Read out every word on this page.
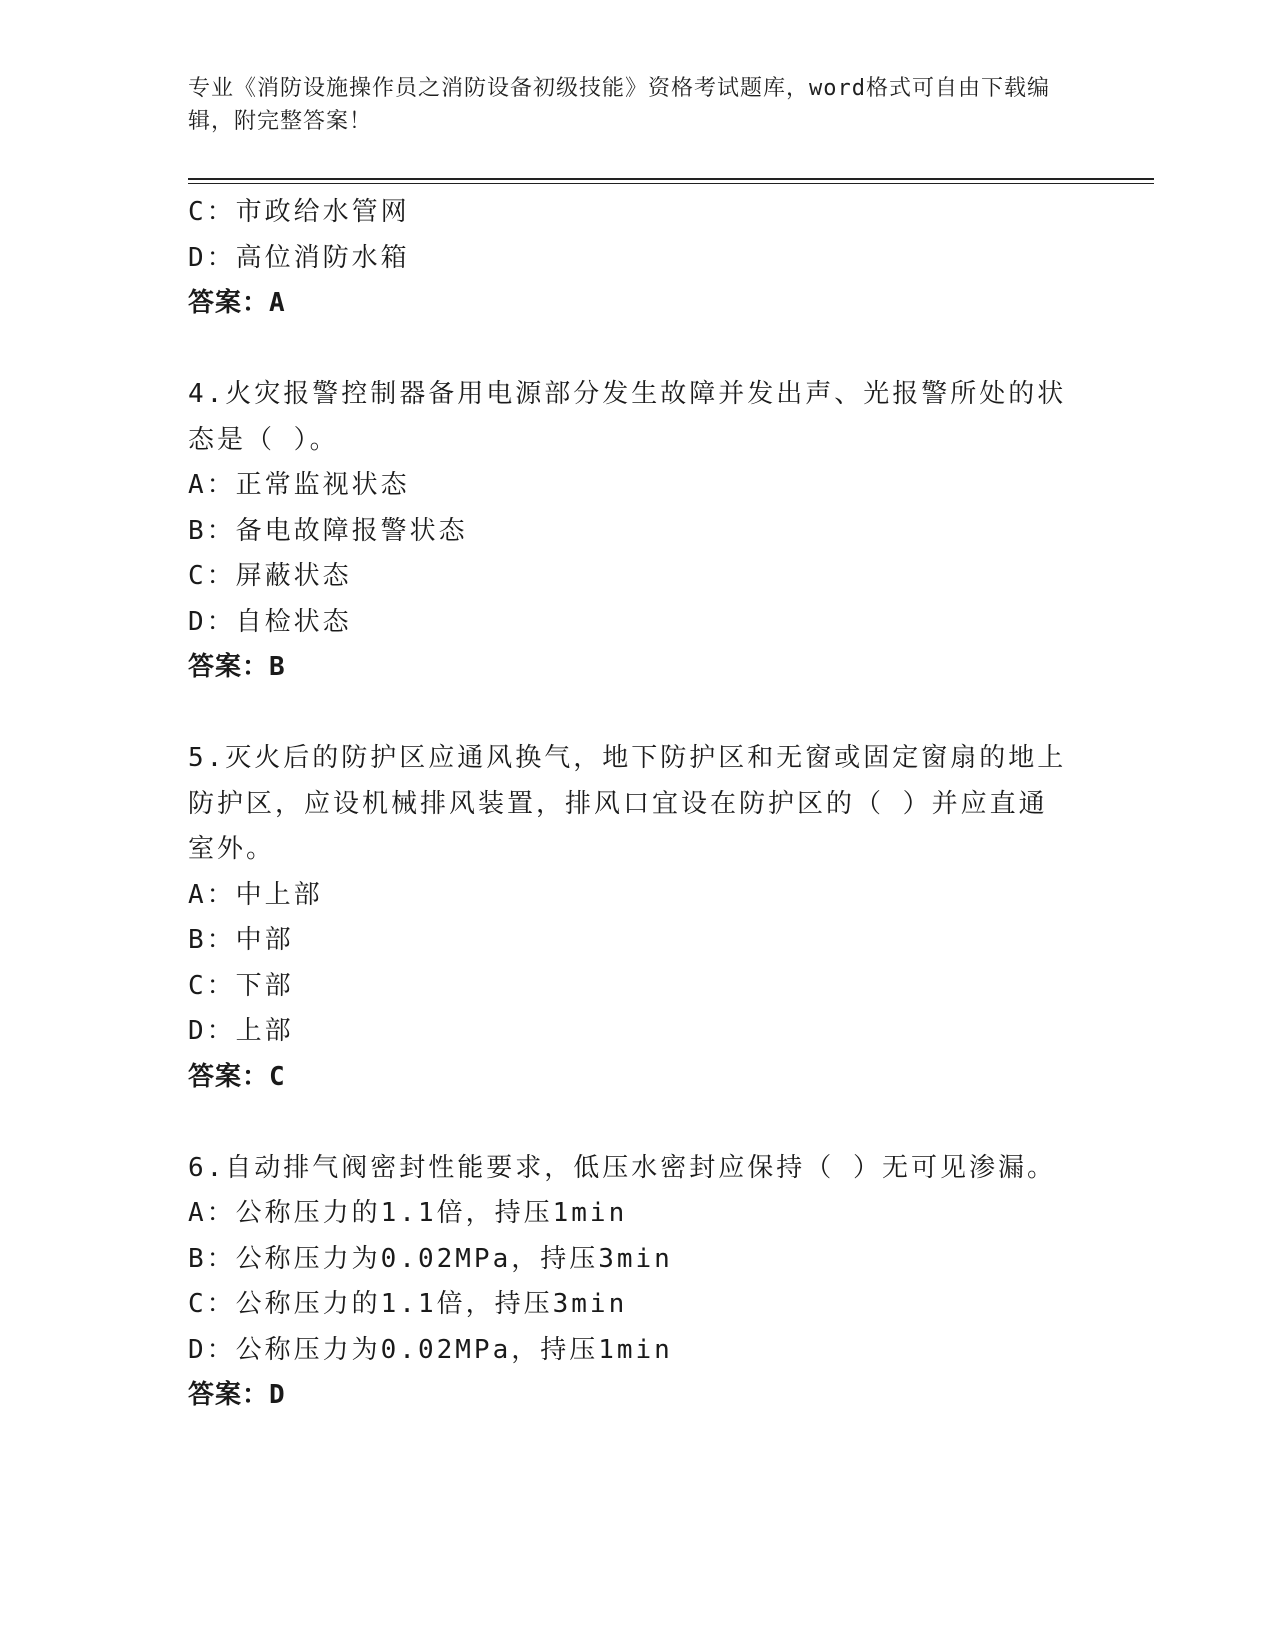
专业《消防设施操作员之消防设备初级技能》资格考试题库，word格式可自由下载编辑，附完整答案！
C：市政给水管网
D：高位消防水箱
答案：A
4.火灾报警控制器备用电源部分发生故障并发出声、光报警所处的状
态是（ ）。
A：正常监视状态
B：备电故障报警状态
C：屏蔽状态
D：自检状态
答案：B
5.灭火后的防护区应通风换气，地下防护区和无窗或固定窗扇的地上
防护区，应设机械排风装置，排风口宜设在防护区的（ ）并应直通
室外。
A：中上部
B：中部
C：下部
D：上部
答案：C
6.自动排气阀密封性能要求，低压水密封应保持（ ）无可见渗漏。
A：公称压力的1.1倍，持压1min
B：公称压力为0.02MPa，持压3min
C：公称压力的1.1倍，持压3min
D：公称压力为0.02MPa，持压1min
答案：D
